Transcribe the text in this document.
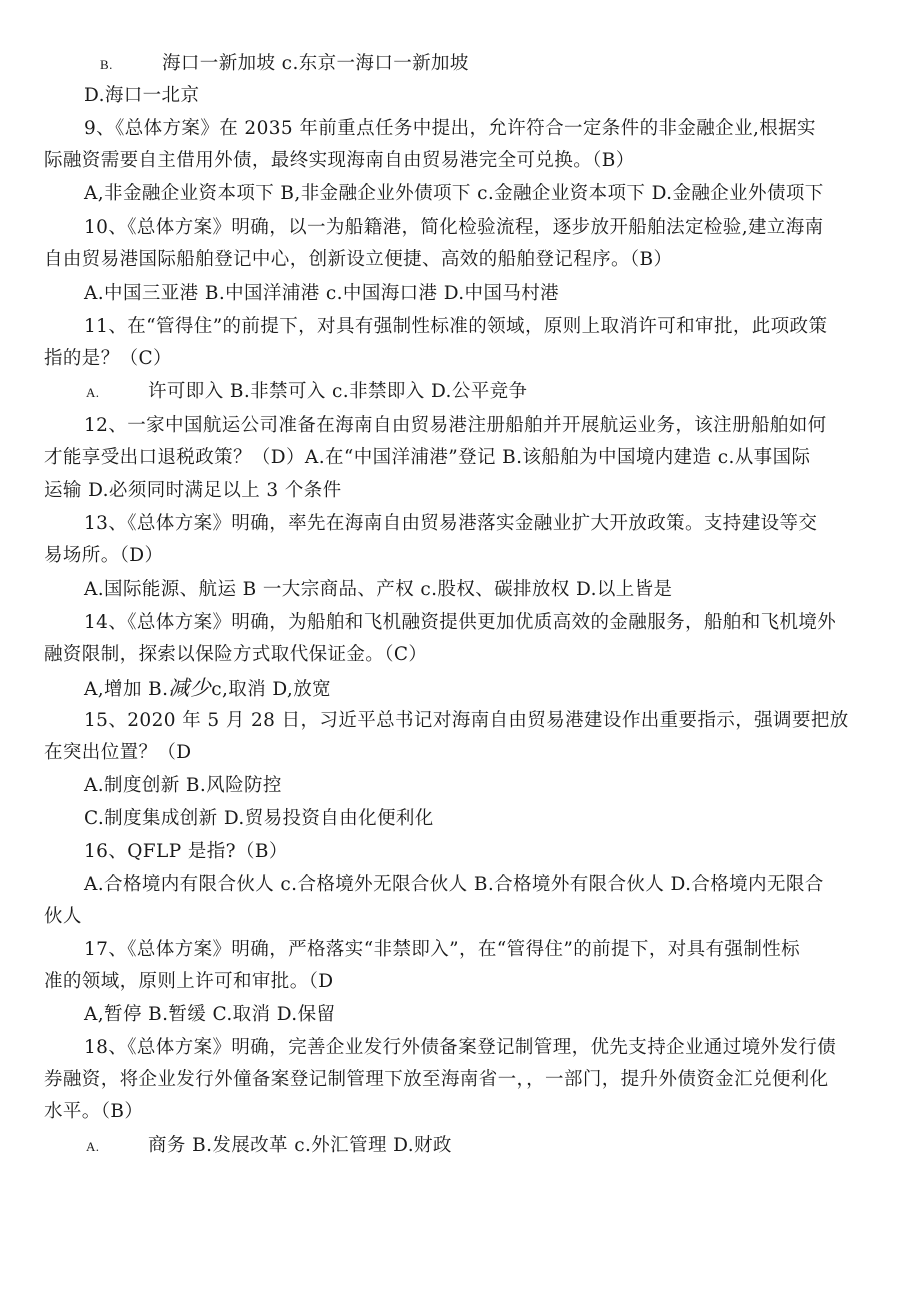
B.	海口一新加坡 c.东京一海口一新加坡
D.海口一北京
9、《总体方案》在 2035 年前重点任务中提出，允许符合一定条件的非金融企业,根据实
际融资需要自主借用外债，最终实现海南自由贸易港完全可兑换。（B）
A,非金融企业资本项下 B,非金融企业外债项下 c.金融企业资本项下 D.金融企业外债项下
10、《总体方案》明确，以一为船籍港，简化检验流程，逐步放开船舶法定检验,建立海南
自由贸易港国际船舶登记中心，创新设立便捷、高效的船舶登记程序。（B）
A.中国三亚港 B.中国洋浦港 c.中国海口港 D.中国马村港
11、在“管得住”的前提下，对具有强制性标准的领域，原则上取消许可和审批，此项政策
指的是？（C）
A.	许可即入 B.非禁可入 c.非禁即入 D.公平竞争
12、一家中国航运公司准备在海南自由贸易港注册船舶并开展航运业务，该注册船舶如何
才能享受出口退税政策？（D）A.在“中国洋浦港”登记 B.该船舶为中国境内建造 c.从事国际
运输 D.必须同时满足以上 3 个条件
13、《总体方案》明确，率先在海南自由贸易港落实金融业扩大开放政策。支持建设等交
易场所。（D）
A.国际能源、航运 B 一大宗商品、产权 c.股权、碳排放权 D.以上皆是
14、《总体方案》明确，为船舶和飞机融资提供更加优质高效的金融服务，船舶和飞机境外
融资限制，探索以保险方式取代保证金。（C）
A,增加 B.减少c,取消 D,放宽
15、2020 年 5 月 28 日，习近平总书记对海南自由贸易港建设作出重要指示，强调要把放
在突出位置？（D
A.制度创新 B.风险防控
C.制度集成创新 D.贸易投资自由化便利化
16、QFLP 是指?（B）
A.合格境内有限合伙人 c.合格境外无限合伙人 B.合格境外有限合伙人 D.合格境内无限合
伙人
17、《总体方案》明确，严格落实“非禁即入”，在“管得住”的前提下，对具有强制性标
准的领域，原则上许可和审批。（D
A,暂停 B.暂缓 C.取消 D.保留
18、《总体方案》明确，完善企业发行外债备案登记制管理，优先支持企业通过境外发行债
券融资，将企业发行外僮备案登记制管理下放至海南省一，，一部门，提升外债资金汇兑便利化
水平。（B）
A.	商务 B.发展改革 c.外汇管理 D.财政
